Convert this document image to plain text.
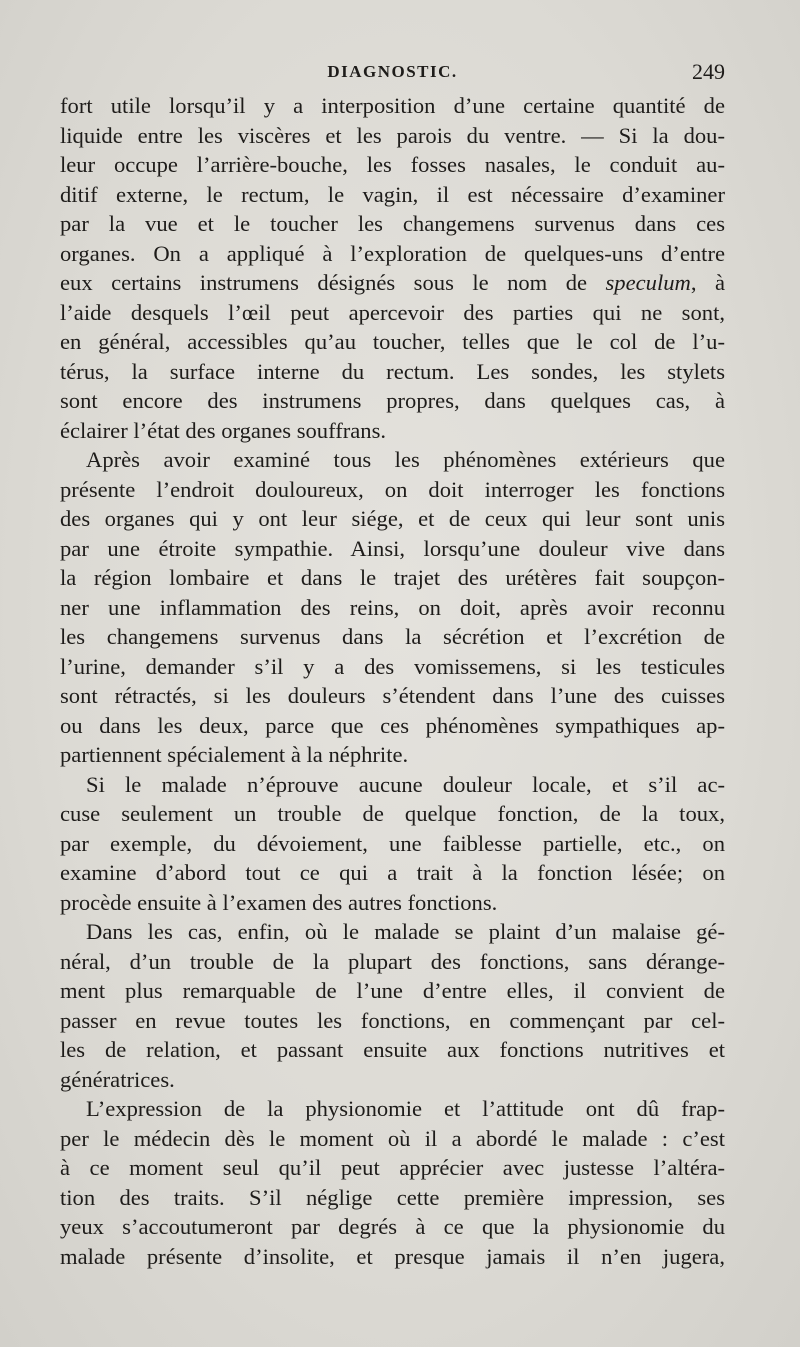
DIAGNOSTIC.	249
fort utile lorsqu’il y a interposition d’une certaine quantité de
liquide entre les viscères et les parois du ventre. — Si la dou-
leur occupe l’arrière-bouche, les fosses nasales, le conduit au-
ditif externe, le rectum, le vagin, il est nécessaire d’examiner
par la vue et le toucher les changemens survenus dans ces
organes. On a appliqué à l’exploration de quelques-uns d’entre
eux certains instrumens désignés sous le nom de speculum, à
l’aide desquels l’œil peut apercevoir des parties qui ne sont,
en général, accessibles qu’au toucher, telles que le col de l’u-
térus, la surface interne du rectum. Les sondes, les stylets
sont encore des instrumens propres, dans quelques cas, à
éclairer l’état des organes souffrans.
Après avoir examiné tous les phénomènes extérieurs que
présente l’endroit douloureux, on doit interroger les fonctions
des organes qui y ont leur siége, et de ceux qui leur sont unis
par une étroite sympathie. Ainsi, lorsqu’une douleur vive dans
la région lombaire et dans le trajet des urétères fait soupçon-
ner une inflammation des reins, on doit, après avoir reconnu
les changemens survenus dans la sécrétion et l’excrétion de
l’urine, demander s’il y a des vomissemens, si les testicules
sont rétractés, si les douleurs s’étendent dans l’une des cuisses
ou dans les deux, parce que ces phénomènes sympathiques ap-
partiennent spécialement à la néphrite.
Si le malade n’éprouve aucune douleur locale, et s’il ac-
cuse seulement un trouble de quelque fonction, de la toux,
par exemple, du dévoiement, une faiblesse partielle, etc., on
examine d’abord tout ce qui a trait à la fonction lésée; on
procède ensuite à l’examen des autres fonctions.
Dans les cas, enfin, où le malade se plaint d’un malaise gé-
néral, d’un trouble de la plupart des fonctions, sans dérange-
ment plus remarquable de l’une d’entre elles, il convient de
passer en revue toutes les fonctions, en commençant par cel-
les de relation, et passant ensuite aux fonctions nutritives et
génératrices.
L’expression de la physionomie et l’attitude ont dû frap-
per le médecin dès le moment où il a abordé le malade : c’est
à ce moment seul qu’il peut apprécier avec justesse l’altéra-
tion des traits. S’il néglige cette première impression, ses
yeux s’accoutumeront par degrés à ce que la physionomie du
malade présente d’insolite, et presque jamais il n’en jugera,
